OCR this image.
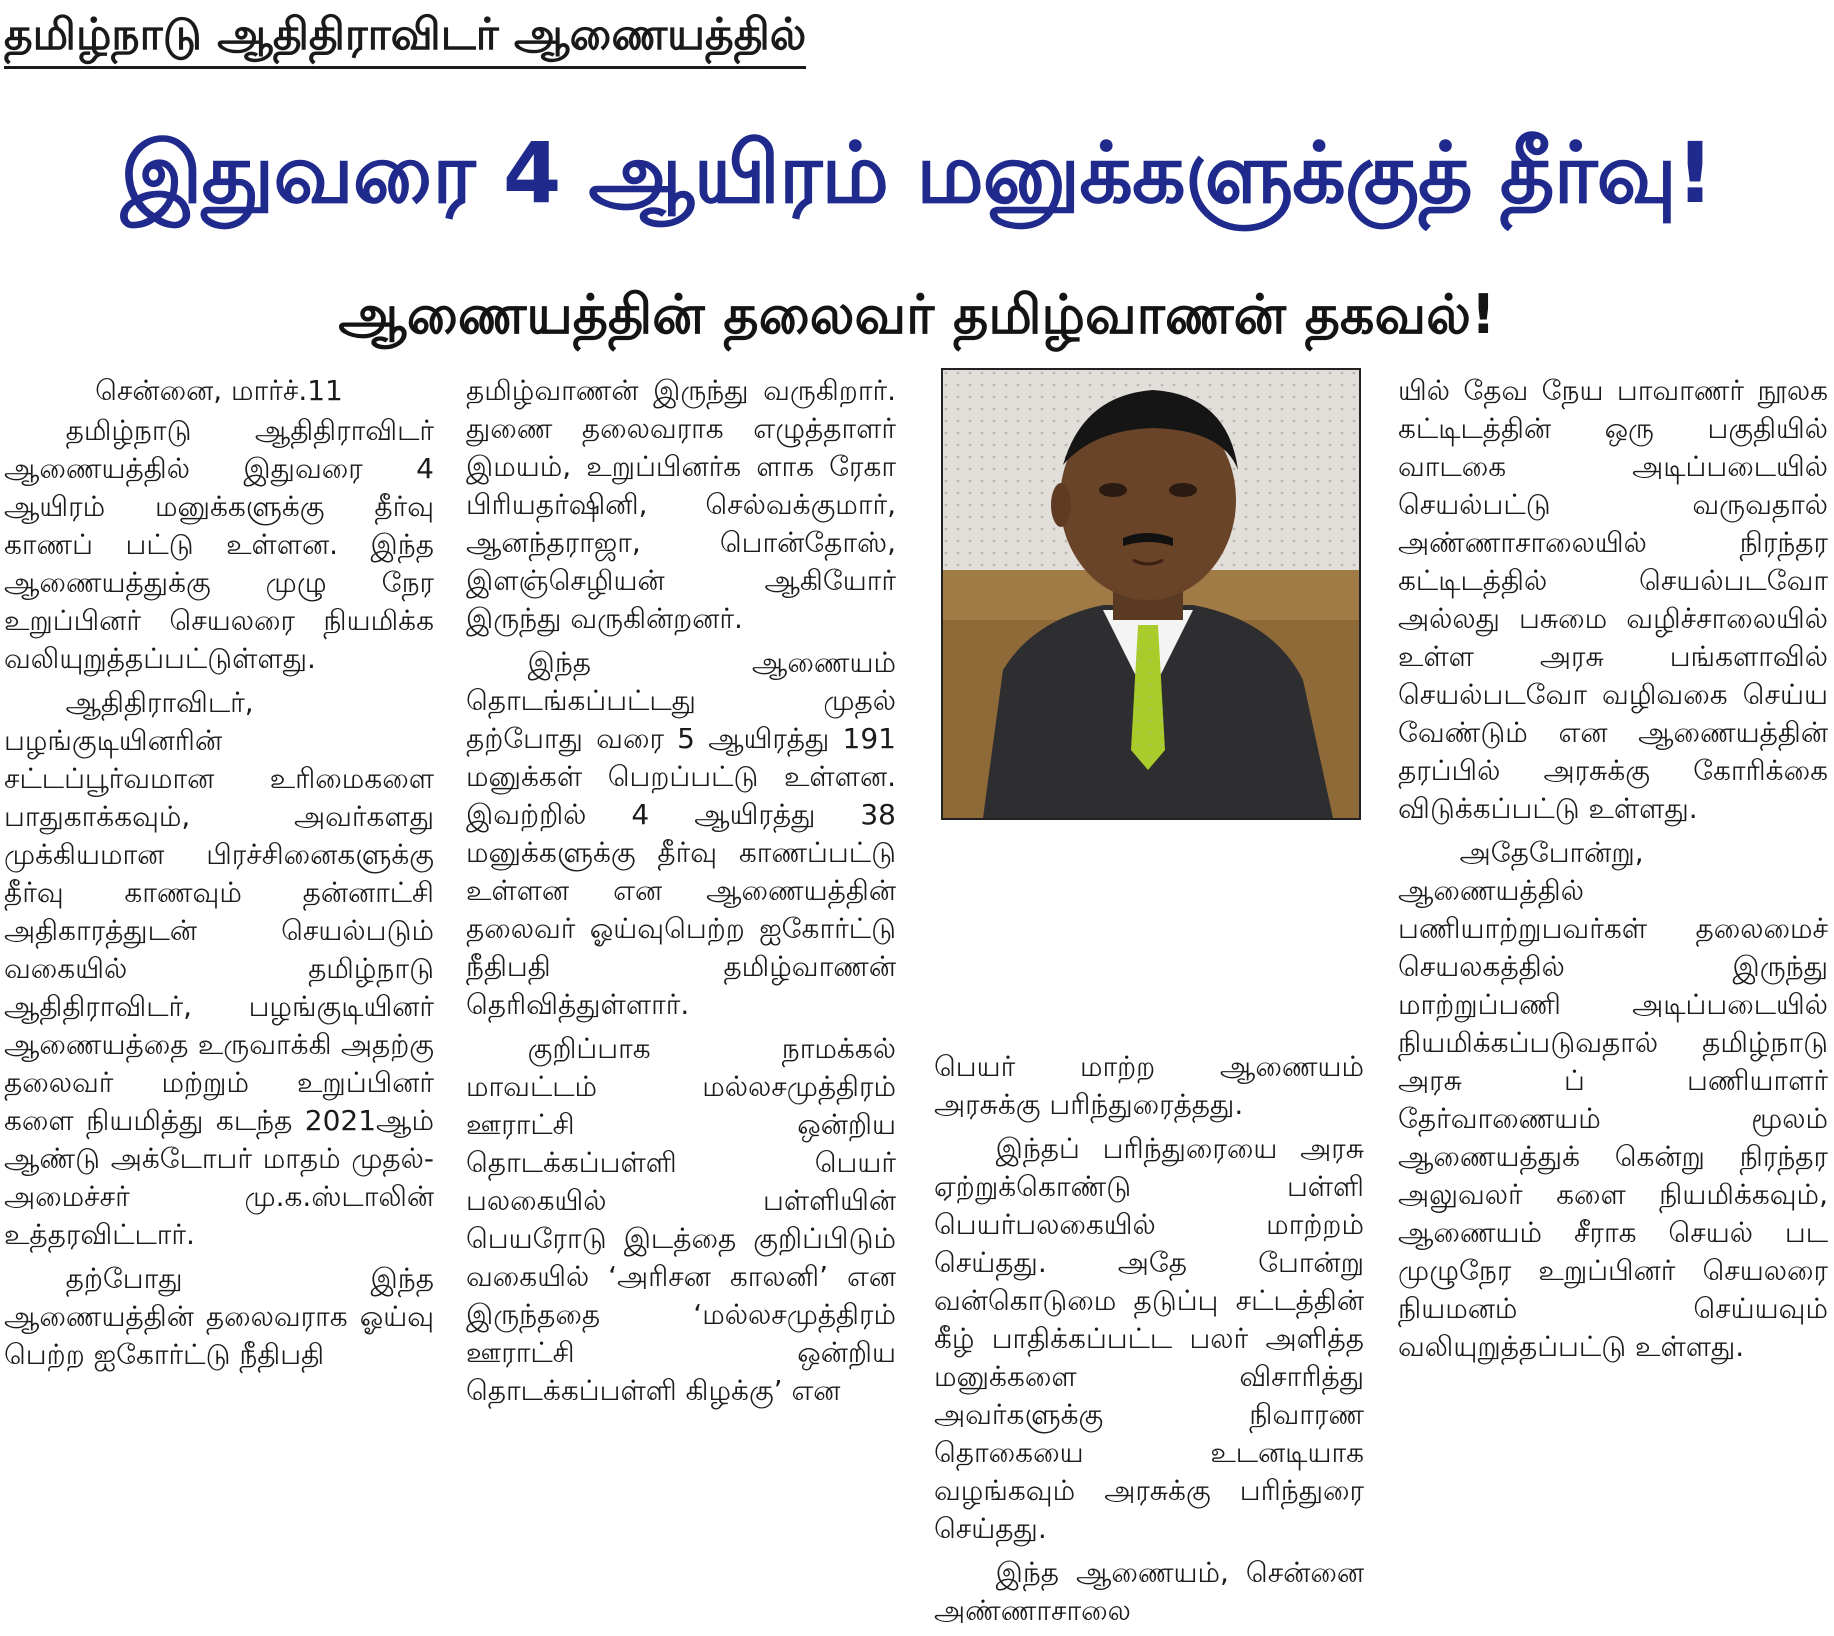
தமிழ்நாடு ஆதிதிராவிடர் ஆணையத்தில்
இதுவரை 4 ஆயிரம் மனுக்களுக்குத் தீர்வு!
ஆணையத்தின் தலைவர் தமிழ்வாணன் தகவல்!

சென்னை, மார்ச்.11

தமிழ்நாடு ஆதிதிராவிடர் ஆணையத்தில் இதுவரை 4 ஆயிரம் மனுக்களுக்கு தீர்வு காணப் பட்டு உள்ளன. இந்த ஆணையத்துக்கு முழு நேர உறுப்பினர் செயலரை நியமிக்க வலியுறுத்தப்பட்டுள்ளது.

ஆதிதிராவிடர், பழங்குடியினரின் சட்டப்பூர்வமான உரிமைகளை பாதுகாக்கவும், அவர்களது முக்கியமான பிரச்சினைகளுக்கு தீர்வு காணவும் தன்னாட்சி அதிகாரத்துடன் செயல்படும் வகையில் தமிழ்நாடு ஆதிதிராவிடர், பழங்குடியினர் ஆணையத்தை உருவாக்கி அதற்கு தலைவர் மற்றும் உறுப்பினர் களை நியமித்து கடந்த 2021ஆம் ஆண்டு அக்டோபர் மாதம் முதல்-அமைச்சர் மு.க.ஸ்டாலின் உத்தரவிட்டார்.

தற்போது இந்த ஆணையத்தின் தலைவராக ஓய்வு பெற்ற ஐகோர்ட்டு நீதிபதி

தமிழ்வாணன் இருந்து வருகிறார். துணை தலைவராக எழுத்தாளர் இமயம், உறுப்பினர்க ளாக ரேகா பிரியதர்ஷினி, செல்வக்குமார், ஆனந்தராஜா, பொன்தோஸ், இளஞ்செழியன் ஆகியோர் இருந்து வருகின்றனர்.

இந்த ஆணையம் தொடங்கப்பட்டது முதல் தற்போது வரை 5 ஆயிரத்து 191 மனுக்கள் பெறப்பட்டு உள்ளன. இவற்றில் 4 ஆயிரத்து 38 மனுக்களுக்கு தீர்வு காணப்பட்டு உள்ளன என ஆணையத்தின் தலைவர் ஓய்வுபெற்ற ஐகோர்ட்டு நீதிபதி தமிழ்வாணன் தெரிவித்துள்ளார்.

குறிப்பாக நாமக்கல் மாவட்டம் மல்லசமுத்திரம் ஊராட்சி ஒன்றிய தொடக்கப்பள்ளி பெயர் பலகையில் பள்ளியின் பெயரோடு இடத்தை குறிப்பிடும் வகையில் ‘அரிசன காலனி’ என இருந்ததை ‘மல்லசமுத்திரம் ஊராட்சி ஒன்றிய தொடக்கப்பள்ளி கிழக்கு’ என

பெயர் மாற்ற ஆணையம் அரசுக்கு பரிந்துரைத்தது.

இந்தப் பரிந்துரையை அரசு ஏற்றுக்கொண்டு பள்ளி பெயர்பலகையில் மாற்றம் செய்தது. அதே போன்று வன்கொடுமை தடுப்பு சட்டத்தின் கீழ் பாதிக்கப்பட்ட பலர் அளித்த மனுக்களை விசாரித்து அவர்களுக்கு நிவாரண தொகையை உடனடியாக வழங்கவும் அரசுக்கு பரிந்துரை செய்தது.

இந்த ஆணையம், சென்னை அண்ணாசாலை

யில் தேவ நேய பாவாணர் நூலக கட்டிடத்தின் ஒரு பகுதியில் வாடகை அடிப்படையில் செயல்பட்டு வருவதால் அண்ணாசாலையில் நிரந்தர கட்டிடத்தில் செயல்படவோ அல்லது பசுமை வழிச்சாலையில் உள்ள அரசு பங்களாவில் செயல்படவோ வழிவகை செய்ய வேண்டும் என ஆணையத்தின் தரப்பில் அரசுக்கு கோரிக்கை விடுக்கப்பட்டு உள்ளது.

அதேபோன்று, ஆணையத்தில் பணியாற்றுபவர்கள் தலைமைச் செயலகத்தில் இருந்து மாற்றுப்பணி அடிப்படையில் நியமிக்கப்படுவதால் தமிழ்நாடு அரசு ப் பணியாளர் தேர்வாணையம் மூலம் ஆணையத்துக் கென்று நிரந்தர அலுவலர் களை நியமிக்கவும், ஆணையம் சீராக செயல் பட முழுநேர உறுப்பினர் செயலரை நியமனம் செய்யவும் வலியுறுத்தப்பட்டு உள்ளது.
